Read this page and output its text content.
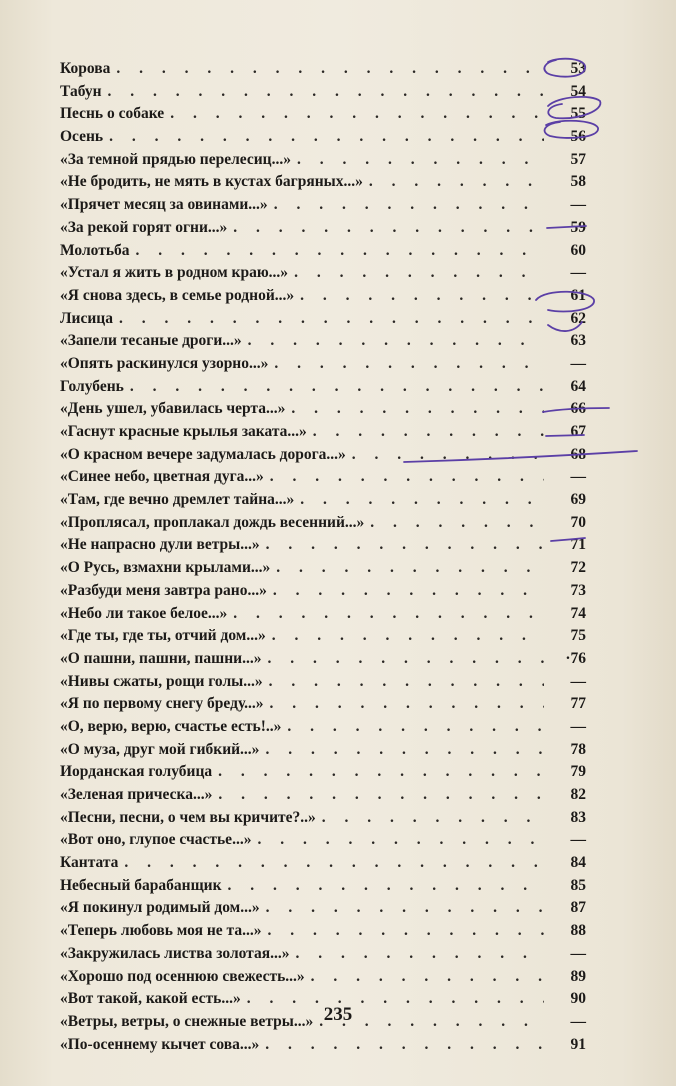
Корова . . .	53
Табун . . .	54
Песнь о собаке . . .	55
Осень . . .	56
«За темной прядью перелесиц...» . . .	57
«Не бродить, не мять в кустах багряных...» . . .	58
«Прячет месяц за овинами...» . . .	—
«За рекой горят огни...» . . .	59
Молотьба . . .	60
«Устал я жить в родном краю...» . . .	—
«Я снова здесь, в семье родной...» . . .	61
Лисица . . .	62
«Запели тесаные дроги...» . . .	63
«Опять раскинулся узорно...» . . .	—
Голубень . . .	64
«День ушел, убавилась черта...» . . .	66
«Гаснут красные крылья заката...» . . .	67
«О красном вечере задумалась дорога...» . . .	68
«Синее небо, цветная дуга...» . . .	—
«Там, где вечно дремлет тайна...» . . .	69
«Проплясал, проплакал дождь весенний...» . . .	70
«Не напрасно дули ветры...» . . .	71
«О Русь, взмахни крылами...» . . .	72
«Разбуди меня завтра рано...» . . .	73
«Небо ли такое белое...» . . .	74
«Где ты, где ты, отчий дом...» . . .	75
«О пашни, пашни, пашни...» . . .	·76
«Нивы сжаты, рощи голы...» . . .	—
«Я по первому снегу бреду...» . . .	77
«О, верю, верю, счастье есть!..» . . .	—
«О муза, друг мой гибкий...» . . .	78
Иорданская голубица . . .	79
«Зеленая прическа...» . . .	82
«Песни, песни, о чем вы кричите?..» . . .	83
«Вот оно, глупое счастье...» . . .	—
Кантата . . .	84
Небесный барабанщик . . .	85
«Я покинул родимый дом...» . . .	87
«Теперь любовь моя не та...» . . .	88
«Закружилась листва золотая...» . . .	—
«Хорошо под осеннюю свежесть...» . . .	89
«Вот такой, какой есть...» . . .	90
«Ветры, ветры, о снежные ветры...» . . .	—
«По-осеннему кычет сова...» . . .	91
235
